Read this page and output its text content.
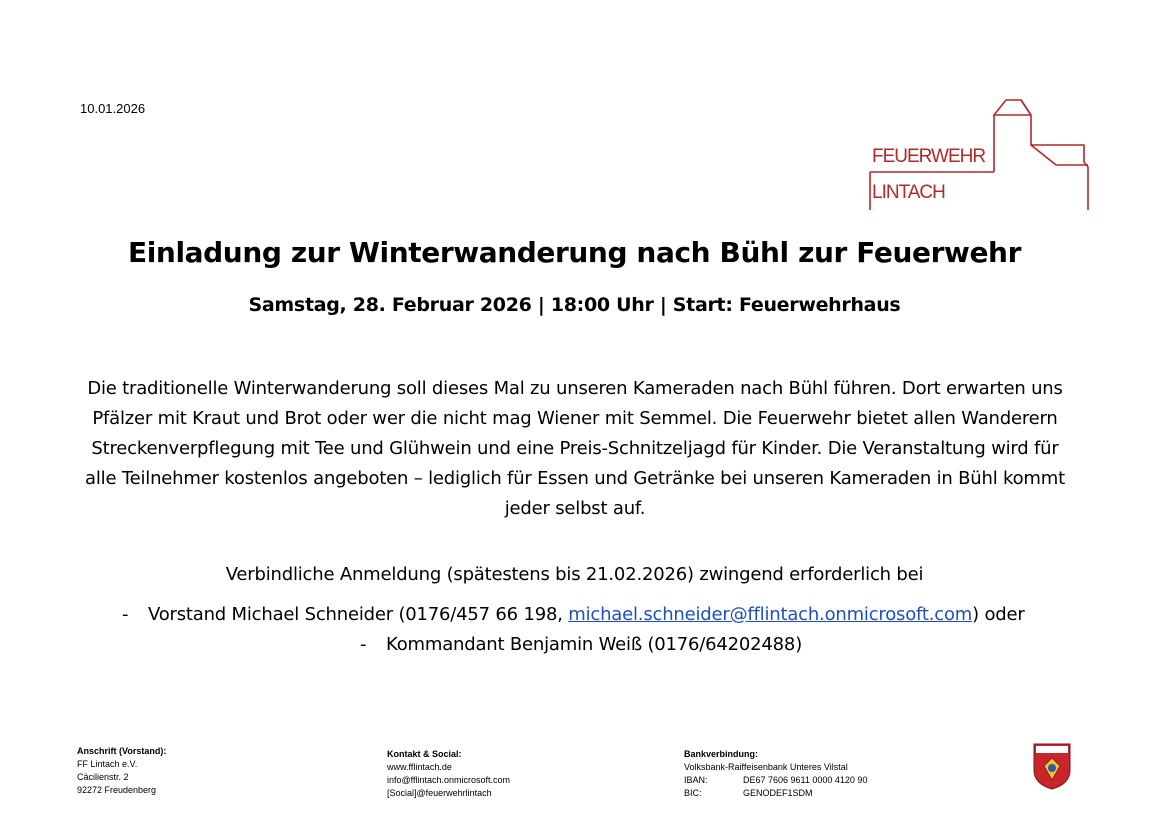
10.01.2026
FEUERWEHR
LINTACH
Einladung zur Winterwanderung nach Bühl zur Feuerwehr
Samstag, 28. Februar 2026 | 18:00 Uhr | Start: Feuerwehrhaus
Die traditionelle Winterwanderung soll dieses Mal zu unseren Kameraden nach Bühl führen. Dort erwarten uns Pfälzer mit Kraut und Brot oder wer die nicht mag Wiener mit Semmel. Die Feuerwehr bietet allen Wanderern Streckenverpflegung mit Tee und Glühwein und eine Preis-Schnitzeljagd für Kinder. Die Veranstaltung wird für alle Teilnehmer kostenlos angeboten – lediglich für Essen und Getränke bei unseren Kameraden in Bühl kommt jeder selbst auf.
Verbindliche Anmeldung (spätestens bis 21.02.2026) zwingend erforderlich bei
- Vorstand Michael Schneider (0176/457 66 198, michael.schneider@fflintach.onmicrosoft.com) oder
- Kommandant Benjamin Weiß (0176/64202488)
Anschrift (Vorstand):
FF Lintach e.V.
Cäcilienstr. 2
92272 Freudenberg
Kontakt & Social:
www.fflintach.de
info@fflintach.onmicrosoft.com
[Social]@feuerwehrlintach
Bankverbindung:
Volksbank-Raiffeisenbank Unteres Vilstal
IBAN:	DE67 7606 9611 0000 4120 90
BIC:	GENODEF1SDM
